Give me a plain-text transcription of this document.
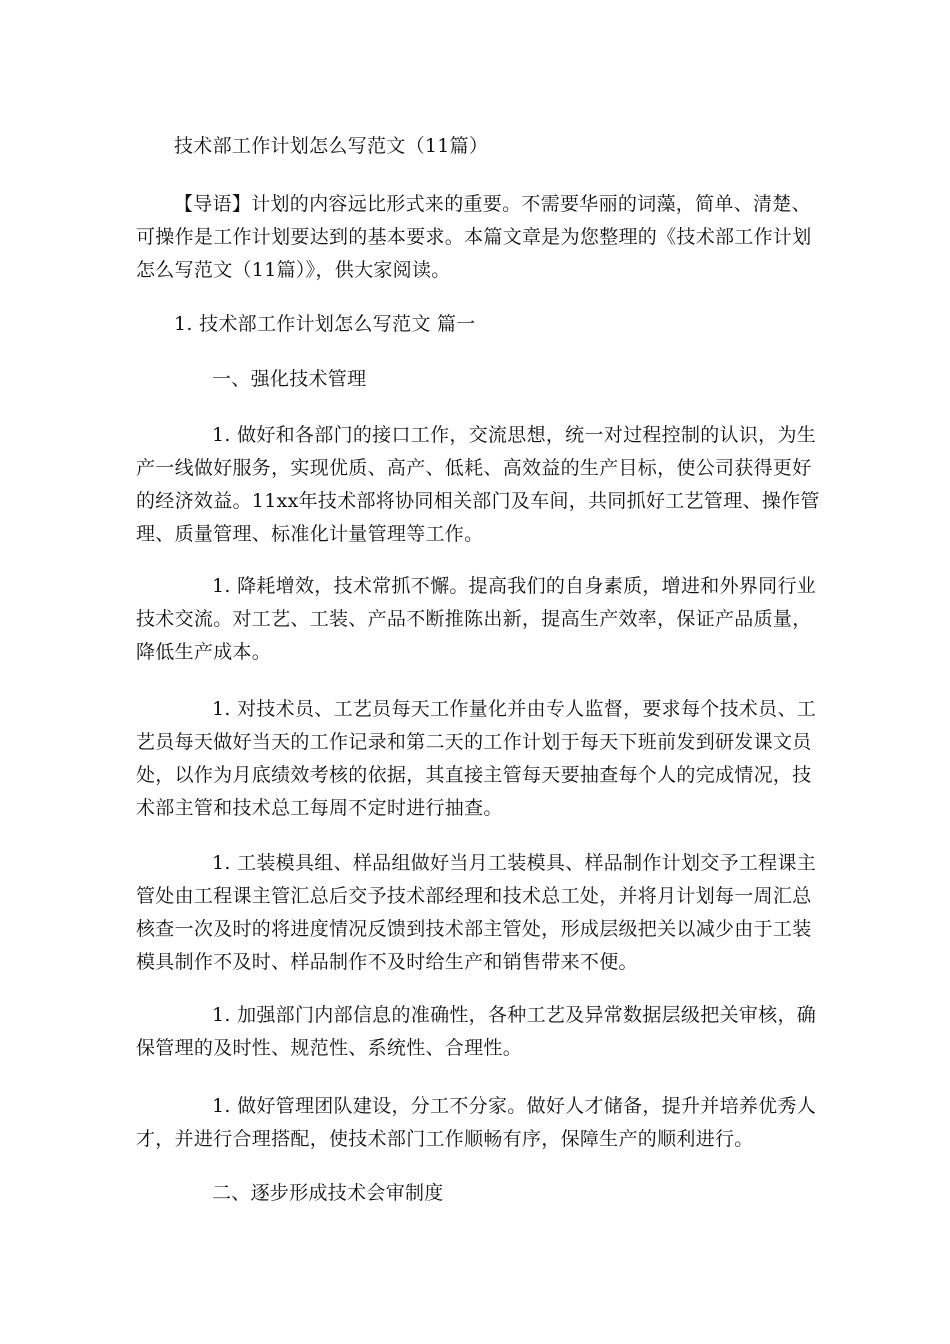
技术部工作计划怎么写范文（11篇）
【导语】计划的内容远比形式来的重要。不需要华丽的词藻，简单、清楚、
可操作是工作计划要达到的基本要求。本篇文章是为您整理的《技术部工作计划
怎么写范文（11篇）》，供大家阅读。
1. 技术部工作计划怎么写范文 篇一
一、强化技术管理
1. 做好和各部门的接口工作，交流思想，统一对过程控制的认识，为生
产一线做好服务，实现优质、高产、低耗、高效益的生产目标，使公司获得更好
的经济效益。11xx年技术部将协同相关部门及车间，共同抓好工艺管理、操作管
理、质量管理、标准化计量管理等工作。
1. 降耗增效，技术常抓不懈。提高我们的自身素质，增进和外界同行业
技术交流。对工艺、工装、产品不断推陈出新，提高生产效率，保证产品质量，
降低生产成本。
1. 对技术员、工艺员每天工作量化并由专人监督，要求每个技术员、工
艺员每天做好当天的工作记录和第二天的工作计划于每天下班前发到研发课文员
处，以作为月底绩效考核的依据，其直接主管每天要抽查每个人的完成情况，技
术部主管和技术总工每周不定时进行抽查。
1. 工装模具组、样品组做好当月工装模具、样品制作计划交予工程课主
管处由工程课主管汇总后交予技术部经理和技术总工处，并将月计划每一周汇总
核查一次及时的将进度情况反馈到技术部主管处，形成层级把关以减少由于工装
模具制作不及时、样品制作不及时给生产和销售带来不便。
1. 加强部门内部信息的准确性，各种工艺及异常数据层级把关审核，确
保管理的及时性、规范性、系统性、合理性。
1. 做好管理团队建设，分工不分家。做好人才储备，提升并培养优秀人
才，并进行合理搭配，使技术部门工作顺畅有序，保障生产的顺利进行。
二、逐步形成技术会审制度
